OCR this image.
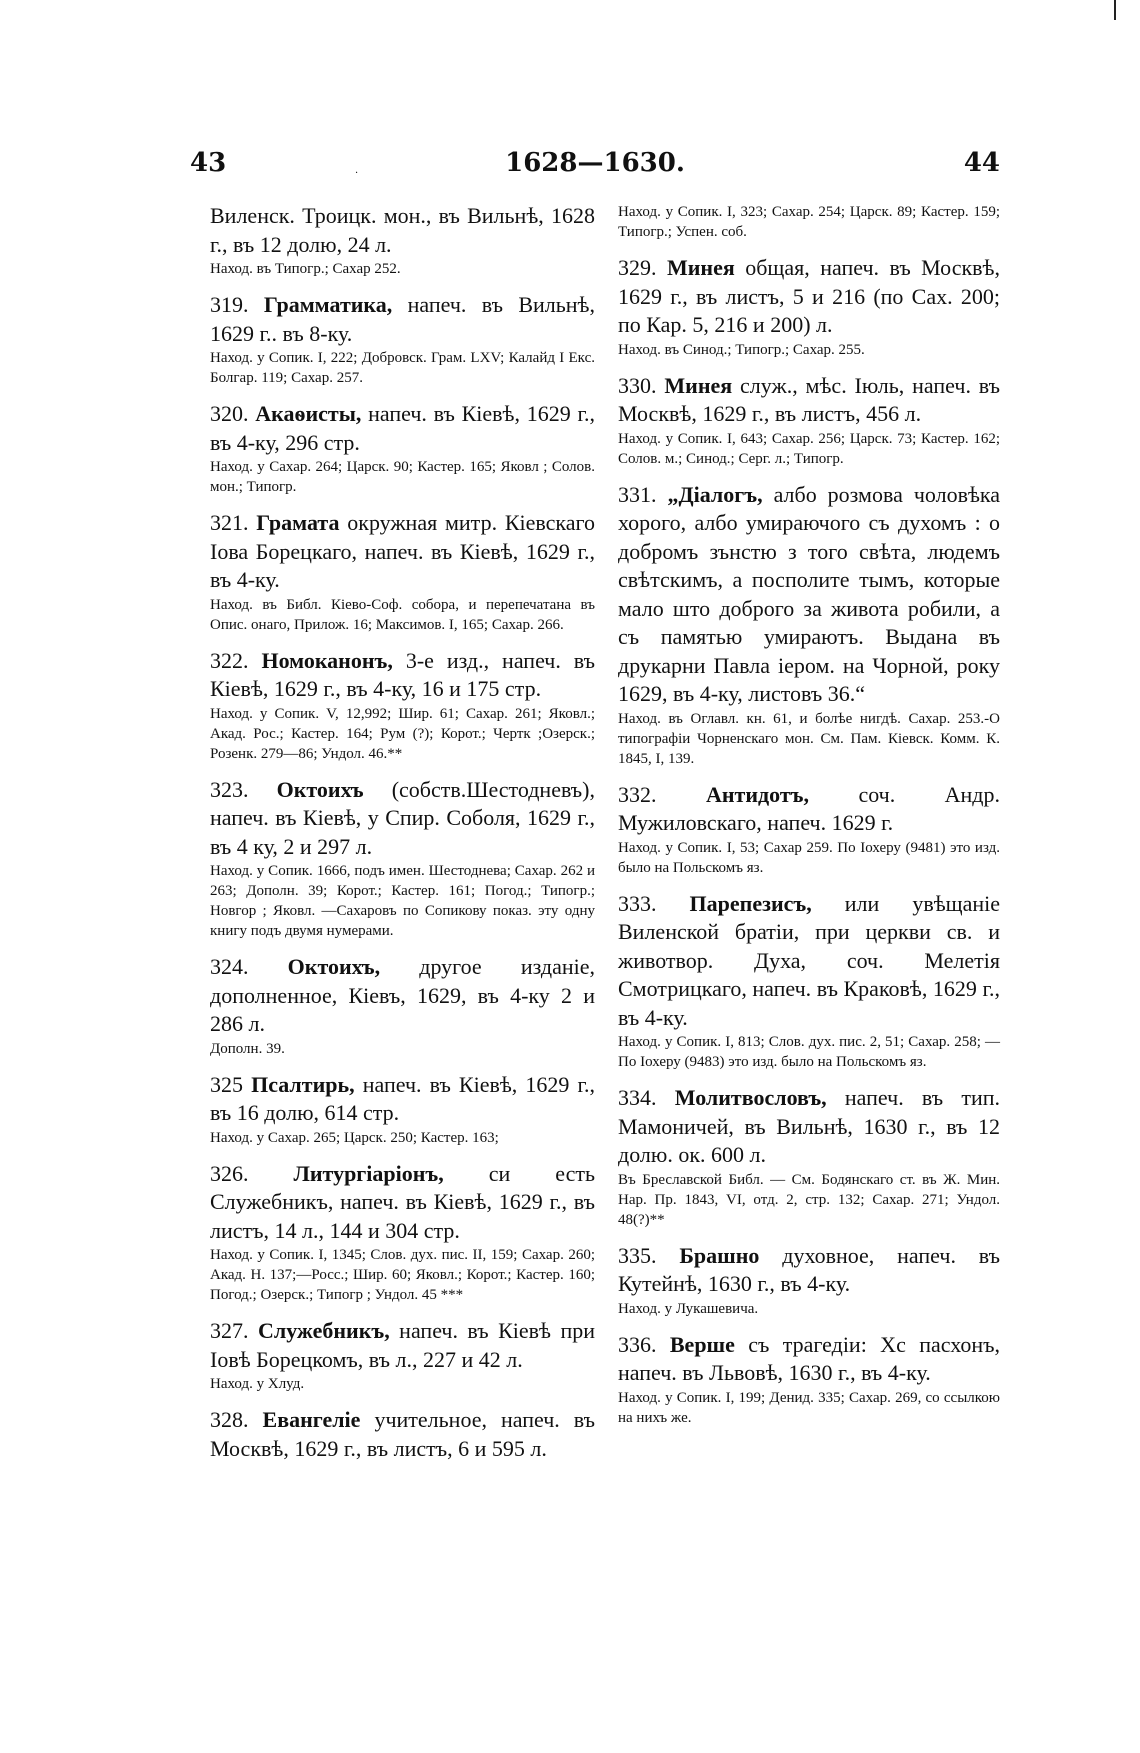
43	1628—1630.	44
·

Виленск. Троицк. мон., въ Вильнѣ, 1628 г., въ 12 долю, 24 л.

Наход. въ Типогр.; Сахар 252.

319. Грамматика, напеч. въ Вильнѣ, 1629 г.. въ 8-ку.

Наход. у Сопик. I, 222; Добровск. Грам. LXV; Калайд I Екс. Болгар. 119; Сахар. 257.

320. Акаѳисты, напеч. въ Кіевѣ, 1629 г., въ 4-ку, 296 стр.

Наход. у Сахар. 264; Царск. 90; Кастер. 165; Яковл ; Солов. мон.; Типогр.

321. Грамата окружная митр. Кіевскаго Іова Борецкаго, напеч. въ Кіевѣ, 1629 г., въ 4-ку.

Наход. въ Библ. Кіево-Соф. собора, и перепечатана въ Опис. онаго, Прилож. 16; Максимов. I, 165; Сахар. 266.

322. Номоканонъ, 3-е изд., напеч. въ Кіевѣ, 1629 г., въ 4-ку, 16 и 175 стр.

Наход. у Сопик. V, 12,992; Шир. 61; Сахар. 261; Яковл.; Акад. Рос.; Кастер. 164; Рум (?); Корот.; Чертк ;Озерск.; Розенк. 279—86; Ундол. 46.**

323. Октоихъ (собств.Шестодневъ), напеч. въ Кіевѣ, у Спир. Соболя, 1629 г., въ 4 ку, 2 и 297 л.

Наход. у Сопик. 1666, подъ имен. Шестоднева; Сахар. 262 и 263; Дополн. 39; Корот.; Кастер. 161; Погод.; Типогр.; Новгор ; Яковл. —Сахаровъ по Сопикову показ. эту одну книгу подъ двумя нумерами.

324. Октоихъ, другое изданіе, дополненное, Кіевъ, 1629, въ 4-ку 2 и 286 л.

Дополн. 39.

325 Псалтирь, напеч. въ Кіевѣ, 1629 г., въ 16 долю, 614 стр.

Наход. у Сахар. 265; Царск. 250; Кастер. 163;

326. Литургіаріонъ, си есть Служебникъ, напеч. въ Кіевѣ, 1629 г., въ листъ, 14 л., 144 и 304 стр.

Наход. у Сопик. I, 1345; Слов. дух. пис. II, 159; Сахар. 260; Акад. Н. 137;—Росс.; Шир. 60; Яковл.; Корот.; Кастер. 160; Погод.; Озерск.; Типогр ; Ундол. 45 ***

327. Служебникъ, напеч. въ Кіевѣ при Іовѣ Борецкомъ, въ л., 227 и 42 л.

Наход. у Хлуд.

328. Евангеліе учительное, напеч. въ Москвѣ, 1629 г., въ листъ, 6 и 595 л.

Наход. у Сопик. I, 323; Сахар. 254; Царск. 89; Кастер. 159; Типогр.; Успен. соб.

329. Минея общая, напеч. въ Москвѣ, 1629 г., въ листъ, 5 и 216 (по Сах. 200; по Кар. 5, 216 и 200) л.

Наход. въ Синод.; Типогр.; Сахар. 255.

330. Минея служ., мѣс. Іюль, напеч. въ Москвѣ, 1629 г., въ листъ, 456 л.

Наход. у Сопик. I, 643; Сахар. 256; Царск. 73; Кастер. 162; Солов. м.; Синод.; Серг. л.; Типогр.

331. „Діалогъ, албо розмова чоловѣка хорого, албо умираючого съ духомъ : о добромъ зънстю з того свѣта, людемъ свѣтскимъ, а посполите тымъ, которые мало што доброго за живота робили, а съ памятью умираютъ. Выдана въ друкарни Павла іером. на Чорной, року 1629, въ 4-ку, листовъ 36.“

Наход. въ Оглавл. кн. 61, и болѣе нигдѣ. Сахар. 253.-О типографіи Чорненскаго мон. См. Пам. Кіевск. Комм. К. 1845, I, 139.

332. Антидотъ, соч. Андр. Мужиловскаго, напеч. 1629 г.

Наход. у Сопик. I, 53; Сахар 259. По Іохеру (9481) это изд. было на Польскомъ яз.

333. Парепезисъ, или увѣщаніе Виленской братіи, при церкви св. и животвор. Духа, соч. Мелетія Смотрицкаго, напеч. въ Краковѣ, 1629 г., въ 4-ку.

Наход. у Сопик. I, 813; Слов. дух. пис. 2, 51; Сахар. 258; — По Іохеру (9483) это изд. было на Польскомъ яз.

334. Молитвословъ, напеч. въ тип. Мамоничей, въ Вильнѣ, 1630 г., въ 12 долю. ок. 600 л.

Въ Бреславской Библ. — См. Бодянскаго ст. въ Ж. Мин. Нар. Пр. 1843, VI, отд. 2, стр. 132; Сахар. 271; Ундол. 48(?)**

335. Брашно духовное, напеч. въ Кутейнѣ, 1630 г., въ 4-ку.

Наход. у Лукашевича.

336. Верше съ трагедіи: Хс пасхонъ, напеч. въ Львовѣ, 1630 г., въ 4-ку.

Наход. у Сопик. I, 199; Денид. 335; Сахар. 269, со ссылкою на нихъ же.
